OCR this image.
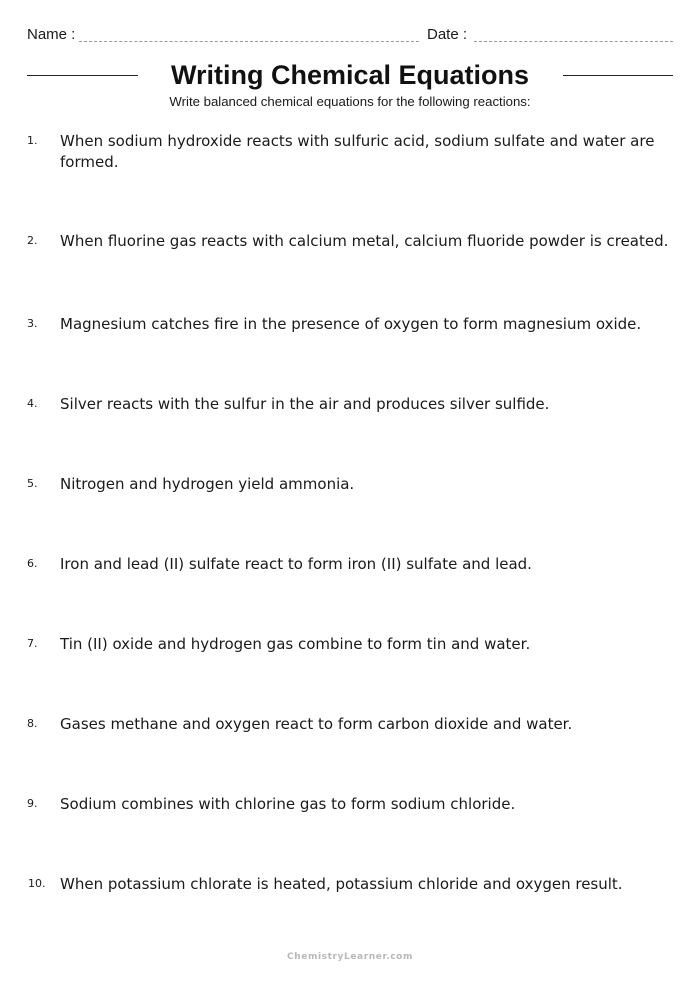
Name :	Date :
Writing Chemical Equations
Write balanced chemical equations for the following reactions:
1. When sodium hydroxide reacts with sulfuric acid, sodium sulfate and water are formed.
2. When fluorine gas reacts with calcium metal, calcium fluoride powder is created.
3. Magnesium catches fire in the presence of oxygen to form magnesium oxide.
4. Silver reacts with the sulfur in the air and produces silver sulfide.
5. Nitrogen and hydrogen yield ammonia.
6. Iron and lead (II) sulfate react to form iron (II) sulfate and lead.
7. Tin (II) oxide and hydrogen gas combine to form tin and water.
8. Gases methane and oxygen react to form carbon dioxide and water.
9. Sodium combines with chlorine gas to form sodium chloride.
10. When potassium chlorate is heated, potassium chloride and oxygen result.
ChemistryLearner.com
